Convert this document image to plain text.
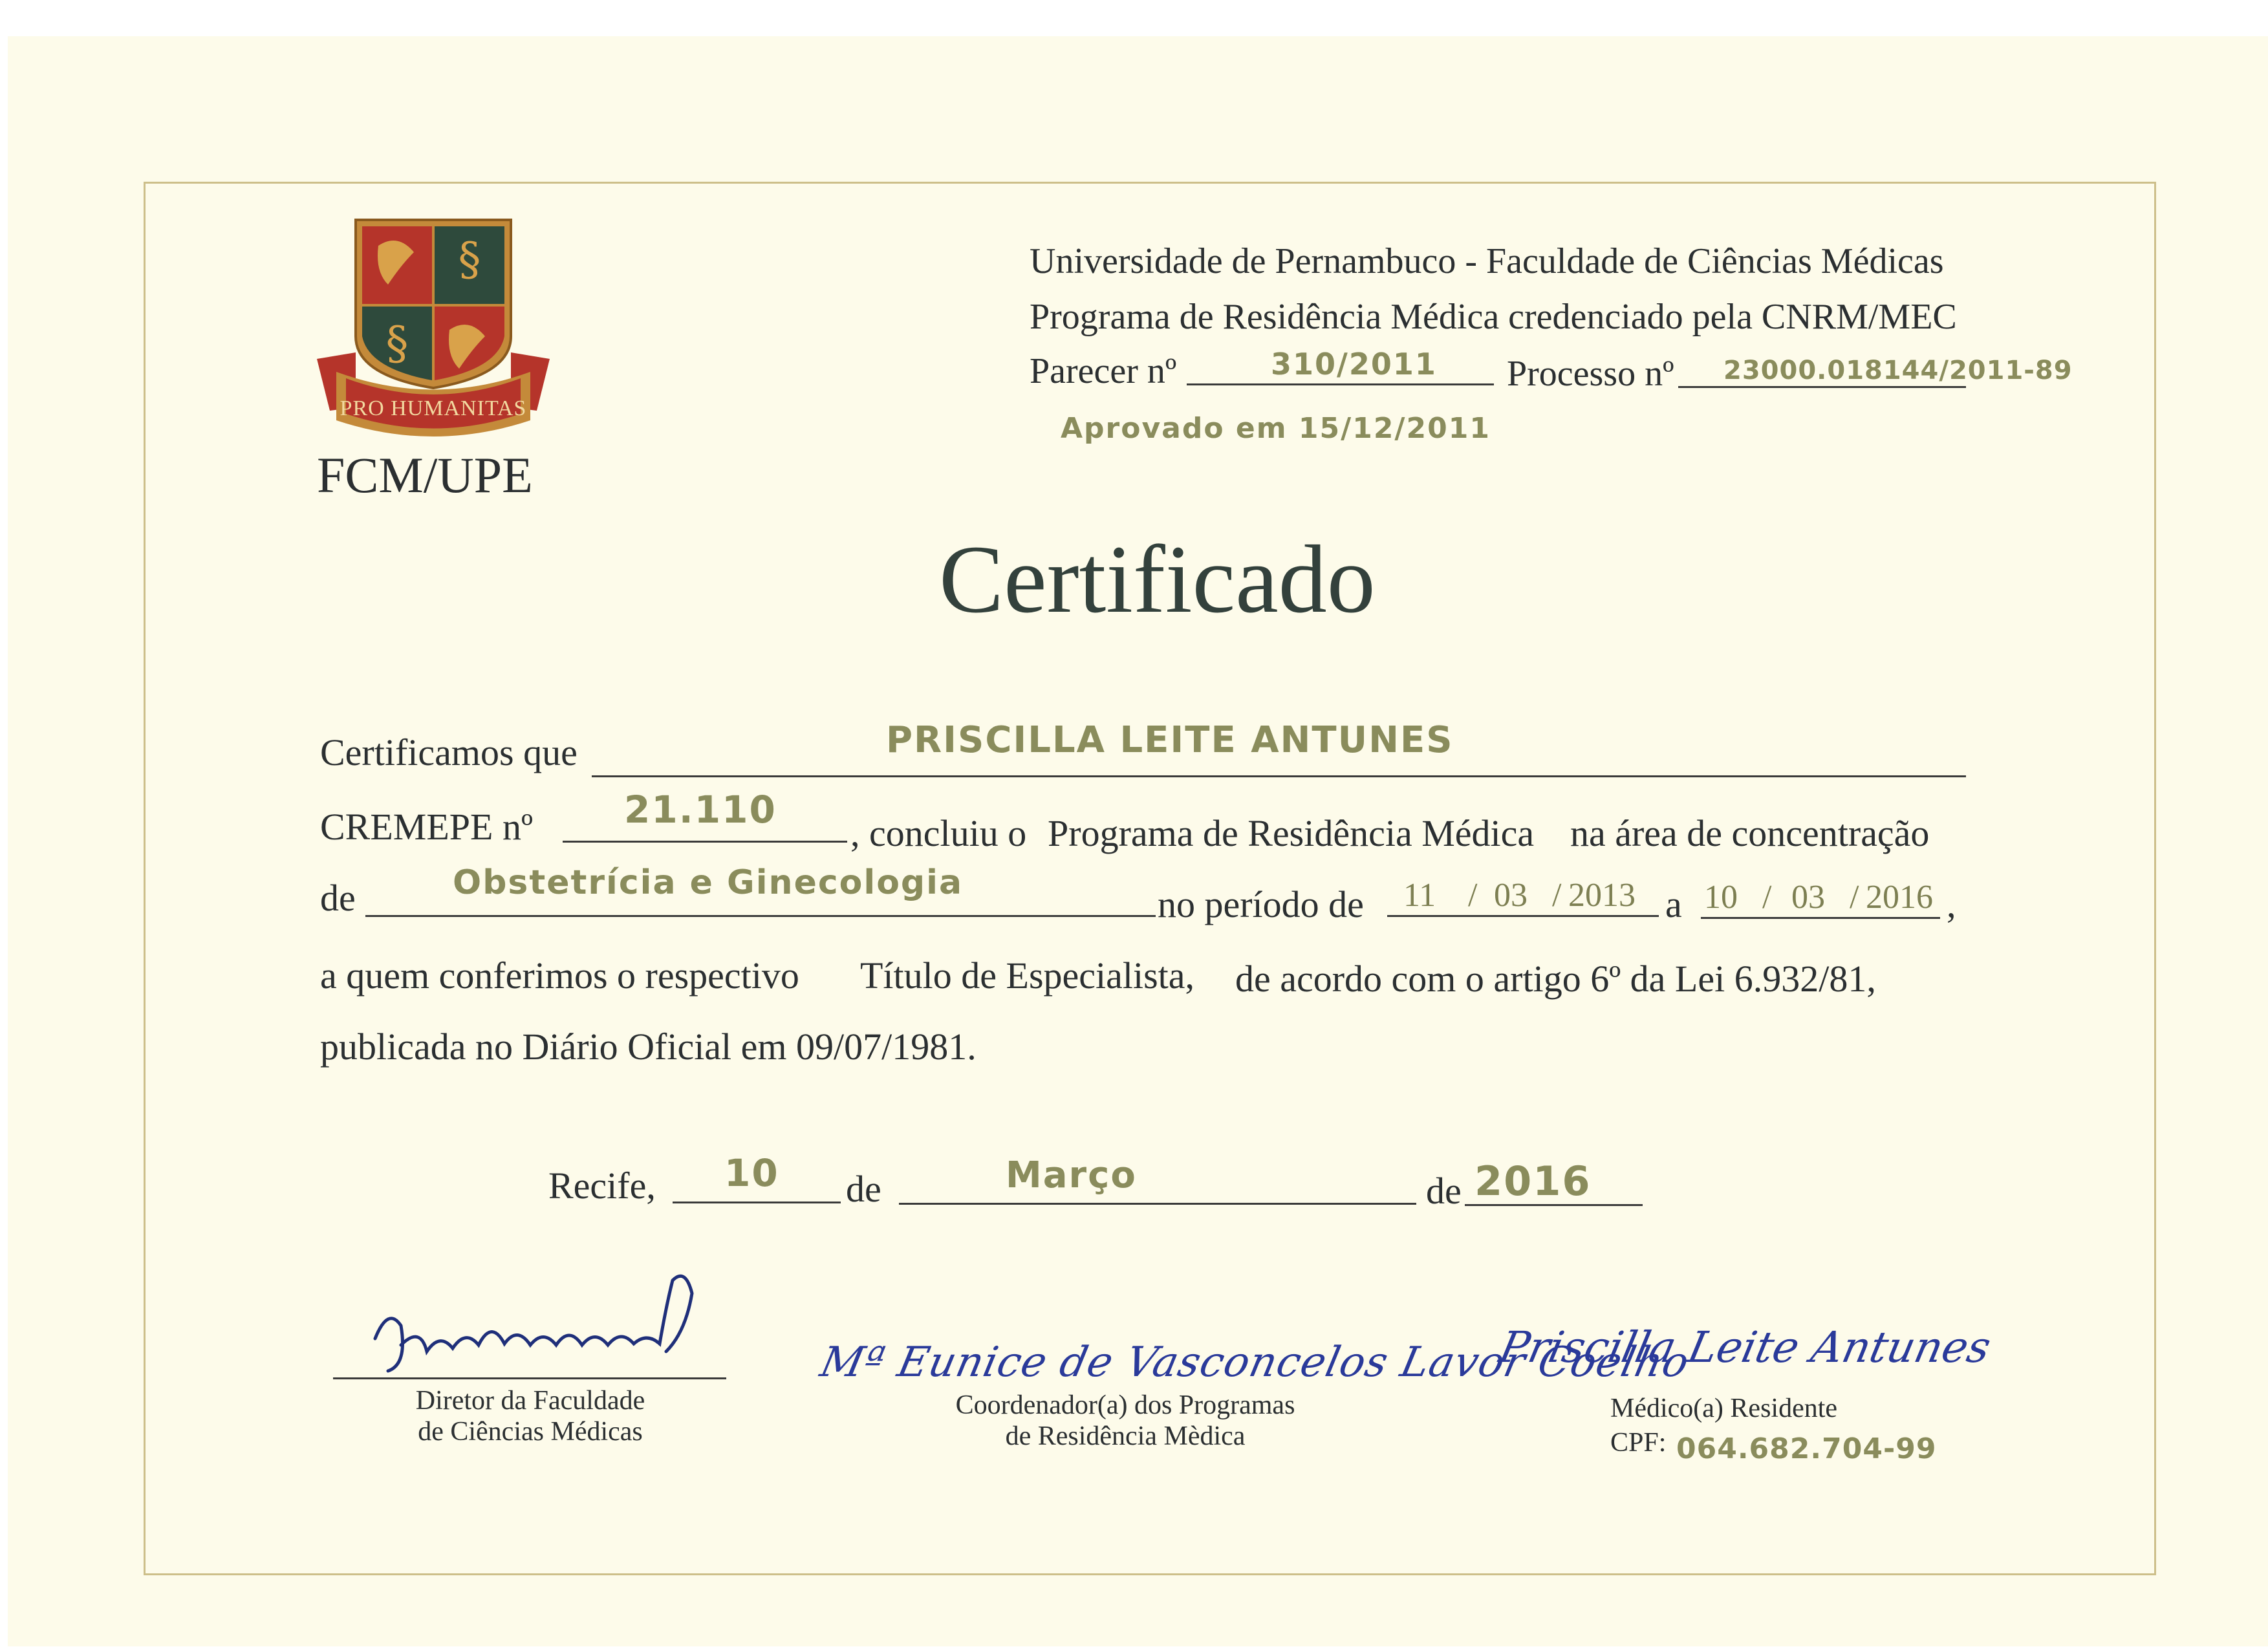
§
§
PRO HUMANITAS
FCM/UPE
Universidade de Pernambuco - Faculdade de Ciências Médicas
Programa de Residência Médica credenciado pela CNRM/MEC
Parecer nº	310/2011 Processo nº 23000.018144/2011-89
Aprovado em 15/12/2011
Certificado
Certificamos que	PRISCILLA LEITE ANTUNES
CREMEPE nº 21.110
, concluiu o Programa de Residência Médica na área de concentração
de	Obstetrícia e Ginecologia
no período de 11 / 03 / 2013 a 10 / 03 / 2016 ,
a quem conferimos o respectivo Título de Especialista, de acordo com o artigo 6º da Lei 6.932/81,
publicada no Diário Oficial em 09/07/1981.
Recife, 10 de	Março	de 2016
Diretor da Faculdade
de Ciências Médicas
Mª Eunice de Vasconcelos Lavor Coelho
Coordenador(a) dos Programas
de Residência Mèdica
Priscilla Leite Antunes
Médico(a) Residente
CPF: 064.682.704-99
